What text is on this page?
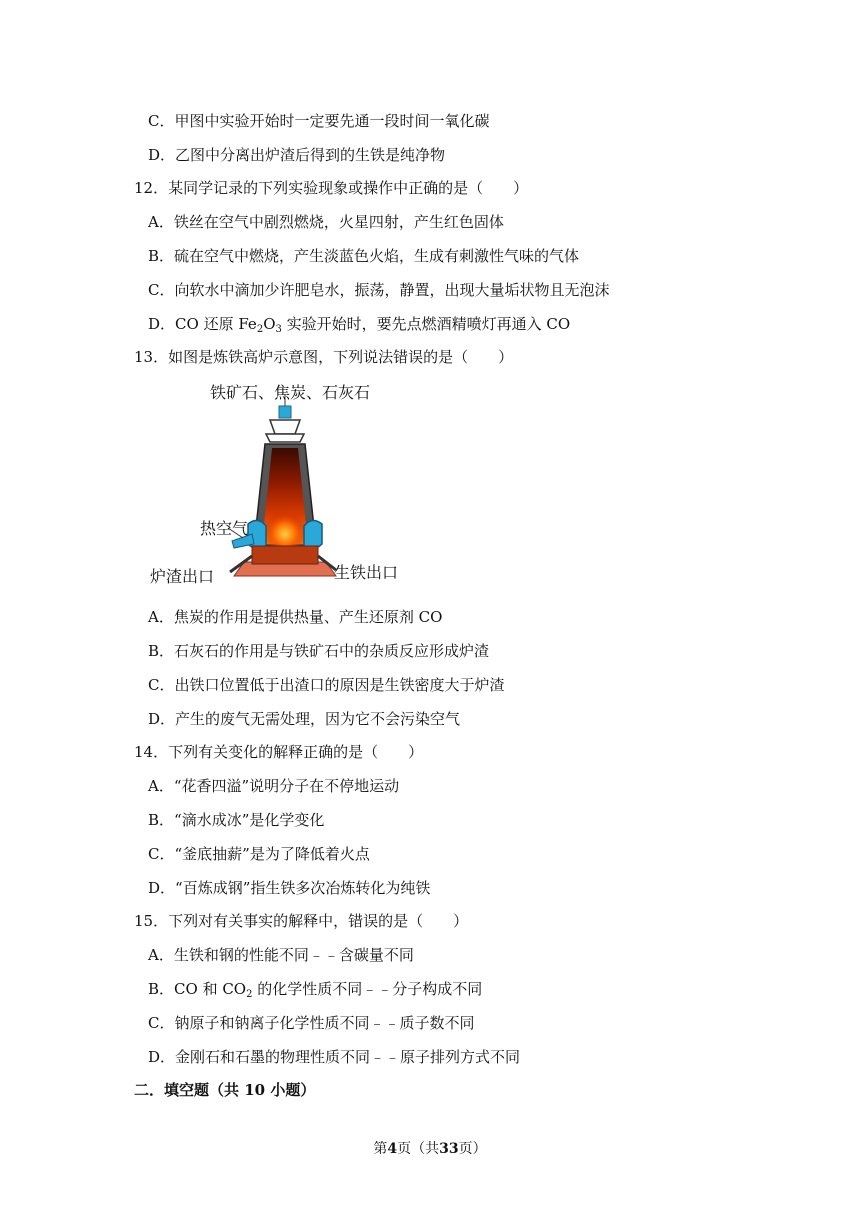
C．甲图中实验开始时一定要先通一段时间一氧化碳
D．乙图中分离出炉渣后得到的生铁是纯净物
12．某同学记录的下列实验现象或操作中正确的是（　　）
A．铁丝在空气中剧烈燃烧，火星四射，产生红色固体
B．硫在空气中燃烧，产生淡蓝色火焰，生成有刺激性气味的气体
C．向软水中滴加少许肥皂水，振荡，静置，出现大量垢状物且无泡沫
D．CO 还原 $Fe_2O_3$ 实验开始时，要先点燃酒精喷灯再通入 CO
13．如图是炼铁高炉示意图，下列说法错误的是（　　）
铁矿石、焦炭、石灰石
热空气
炉渣出口	生铁出口
A．焦炭的作用是提供热量、产生还原剂 CO
B．石灰石的作用是与铁矿石中的杂质反应形成炉渣
C．出铁口位置低于出渣口的原因是生铁密度大于炉渣
D．产生的废气无需处理，因为它不会污染空气
14．下列有关变化的解释正确的是（　　）
A．“花香四溢”说明分子在不停地运动
B．“滴水成冰”是化学变化
C．“釜底抽薪”是为了降低着火点
D．“百炼成钢”指生铁多次冶炼转化为纯铁
15．下列对有关事实的解释中，错误的是（　　）
A．生铁和钢的性能不同﹣﹣含碳量不同
B．CO 和 $CO_2$ 的化学性质不同﹣﹣分子构成不同
C．钠原子和钠离子化学性质不同﹣﹣质子数不同
D．金刚石和石墨的物理性质不同﹣﹣原子排列方式不同
二．填空题（共 10 小题）
第4页（共33页）
